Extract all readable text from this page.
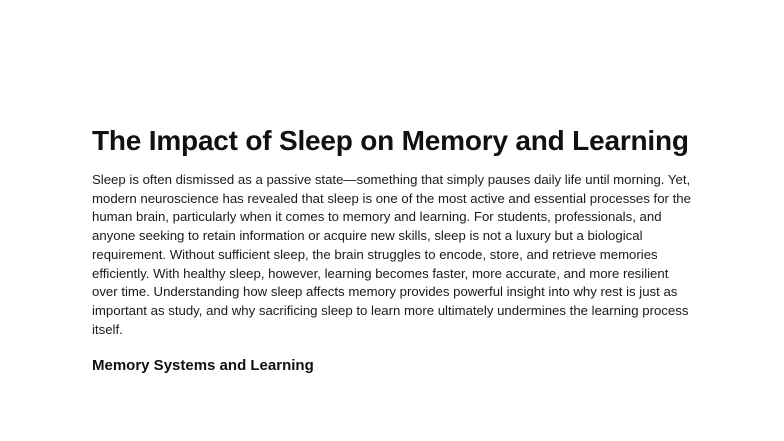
The Impact of Sleep on Memory and Learning

Sleep is often dismissed as a passive state—something that simply pauses daily life until morning. Yet, modern neuroscience has revealed that sleep is one of the most active and essential processes for the human brain, particularly when it comes to memory and learning. For students, professionals, and anyone seeking to retain information or acquire new skills, sleep is not a luxury but a biological requirement. Without sufficient sleep, the brain struggles to encode, store, and retrieve memories efficiently. With healthy sleep, however, learning becomes faster, more accurate, and more resilient over time. Understanding how sleep affects memory provides powerful insight into why rest is just as important as study, and why sacrificing sleep to learn more ultimately undermines the learning process itself.

Memory Systems and Learning
